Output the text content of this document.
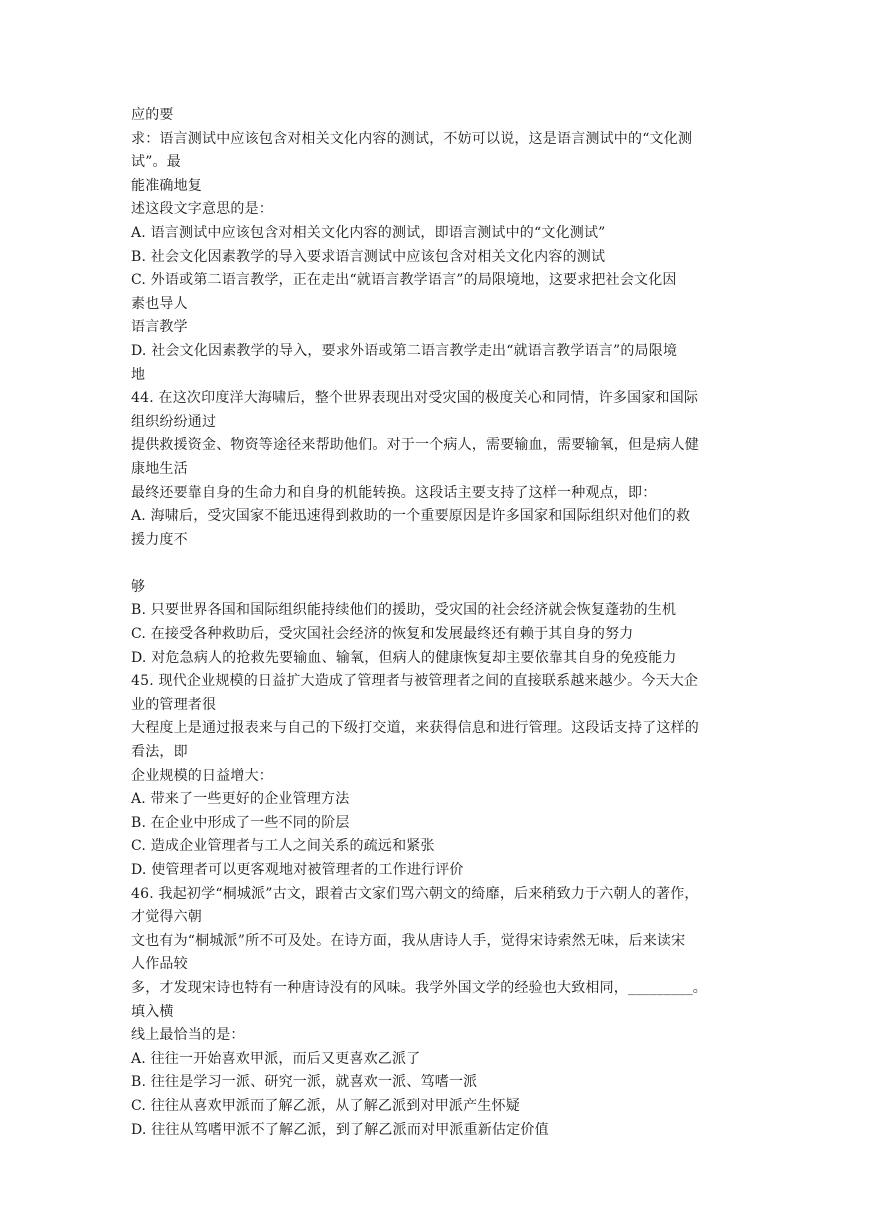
应的要
求：语言测试中应该包含对相关文化内容的测试，不妨可以说，这是语言测试中的“文化测
试”。最
能准确地复
述这段文字意思的是：
A. 语言测试中应该包含对相关文化内容的测试，即语言测试中的“文化测试”
B. 社会文化因素教学的导入要求语言测试中应该包含对相关文化内容的测试
C. 外语或第二语言教学，正在走出“就语言教学语言”的局限境地，这要求把社会文化因
素也导人
语言教学
D. 社会文化因素教学的导入，要求外语或第二语言教学走出“就语言教学语言”的局限境
地
44. 在这次印度洋大海啸后，整个世界表现出对受灾国的极度关心和同情，许多国家和国际
组织纷纷通过
提供救援资金、物资等途径来帮助他们。对于一个病人，需要输血，需要输氧，但是病人健
康地生活
最终还要靠自身的生命力和自身的机能转换。这段话主要支持了这样一种观点，即：
A. 海啸后，受灾国家不能迅速得到救助的一个重要原因是许多国家和国际组织对他们的救
援力度不
够
B. 只要世界各国和国际组织能持续他们的援助，受灾国的社会经济就会恢复蓬勃的生机
C. 在接受各种救助后，受灾国社会经济的恢复和发展最终还有赖于其自身的努力
D. 对危急病人的抢救先要输血、输氧，但病人的健康恢复却主要依靠其自身的免疫能力
45. 现代企业规模的日益扩大造成了管理者与被管理者之间的直接联系越来越少。今天大企
业的管理者很
大程度上是通过报表来与自己的下级打交道，来获得信息和进行管理。这段话支持了这样的
看法，即
企业规模的日益增大：
A. 带来了一些更好的企业管理方法
B. 在企业中形成了一些不同的阶层
C. 造成企业管理者与工人之间关系的疏远和紧张
D. 使管理者可以更客观地对被管理者的工作进行评价
46. 我起初学“桐城派”古文，跟着古文家们骂六朝文的绮靡，后来稍致力于六朝人的著作，
才觉得六朝
文也有为“桐城派”所不可及处。在诗方面，我从唐诗人手，觉得宋诗索然无味，后来读宋
人作品较
多，才发现宋诗也特有一种唐诗没有的风味。我学外国文学的经验也大致相同，_________。
填入横
线上最恰当的是：
A. 往往一开始喜欢甲派，而后又更喜欢乙派了
B. 往往是学习一派、研究一派，就喜欢一派、笃嗜一派
C. 往往从喜欢甲派而了解乙派，从了解乙派到对甲派产生怀疑
D. 往往从笃嗜甲派不了解乙派，到了解乙派而对甲派重新估定价值
